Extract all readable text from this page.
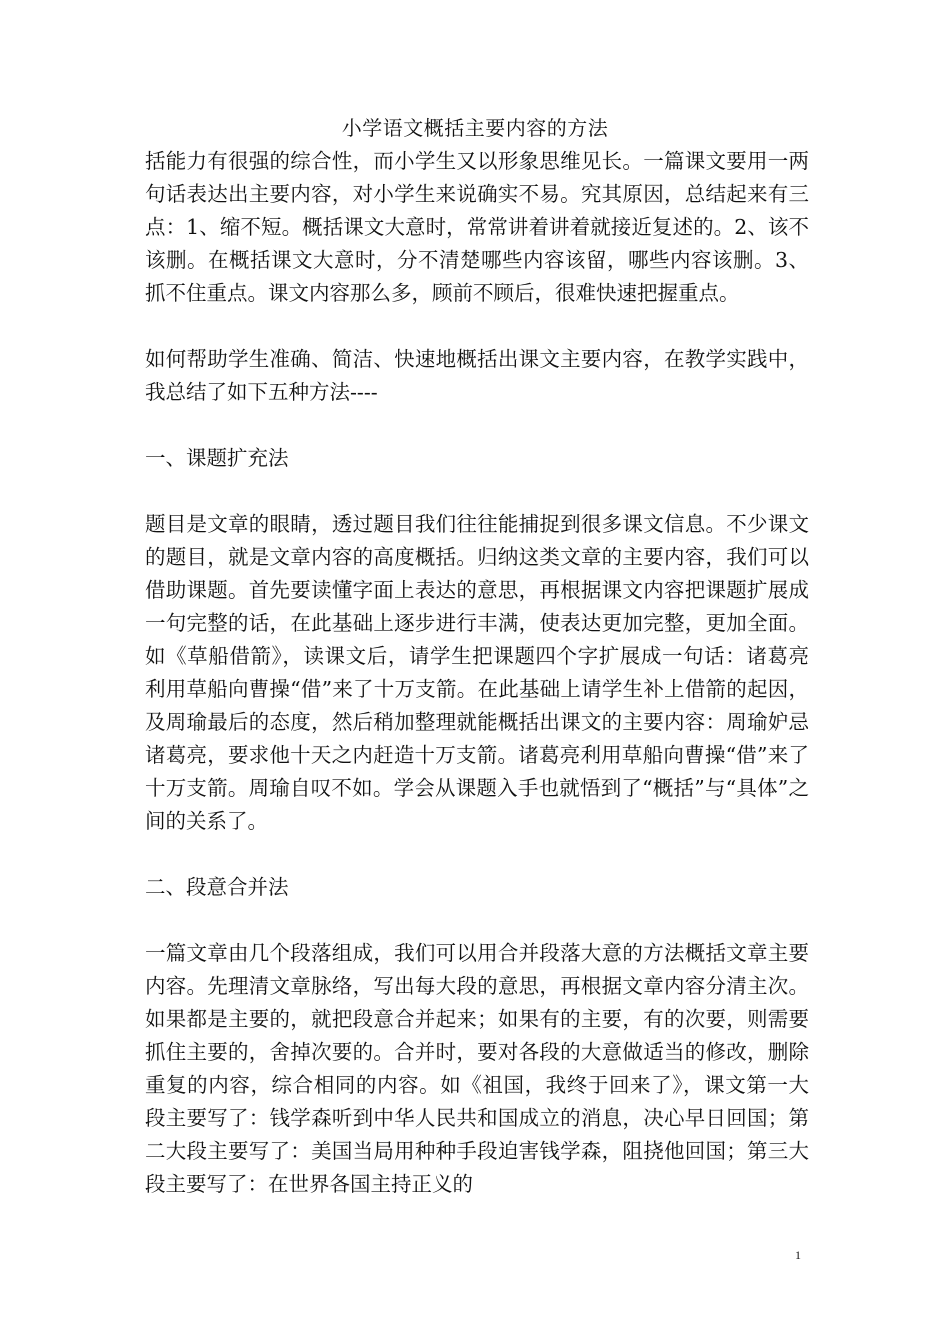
小学语文概括主要内容的方法

括能力有很强的综合性，而小学生又以形象思维见长。一篇课文要用一两句话表达出主要内容，对小学生来说确实不易。究其原因，总结起来有三点：1、缩不短。概括课文大意时，常常讲着讲着就接近复述的。2、该不该删。在概括课文大意时，分不清楚哪些内容该留，哪些内容该删。3、抓不住重点。课文内容那么多，顾前不顾后，很难快速把握重点。

如何帮助学生准确、简洁、快速地概括出课文主要内容，在教学实践中，我总结了如下五种方法----

一、课题扩充法

题目是文章的眼睛，透过题目我们往往能捕捉到很多课文信息。不少课文的题目，就是文章内容的高度概括。归纳这类文章的主要内容，我们可以借助课题。首先要读懂字面上表达的意思，再根据课文内容把课题扩展成一句完整的话，在此基础上逐步进行丰满，使表达更加完整，更加全面。如《草船借箭》，读课文后，请学生把课题四个字扩展成一句话：诸葛亮利用草船向曹操“借”来了十万支箭。在此基础上请学生补上借箭的起因，及周瑜最后的态度，然后稍加整理就能概括出课文的主要内容：周瑜妒忌诸葛亮，要求他十天之内赶造十万支箭。诸葛亮利用草船向曹操“借”来了十万支箭。周瑜自叹不如。学会从课题入手也就悟到了“概括”与“具体”之间的关系了。

二、段意合并法

一篇文章由几个段落组成，我们可以用合并段落大意的方法概括文章主要内容。先理清文章脉络，写出每大段的意思，再根据文章内容分清主次。如果都是主要的，就把段意合并起来；如果有的主要，有的次要，则需要抓住主要的，舍掉次要的。合并时，要对各段的大意做适当的修改，删除重复的内容，综合相同的内容。如《祖国，我终于回来了》，课文第一大段主要写了：钱学森听到中华人民共和国成立的消息，决心早日回国；第二大段主要写了：美国当局用种种手段迫害钱学森，阻挠他回国；第三大段主要写了：在世界各国主持正义的

1
